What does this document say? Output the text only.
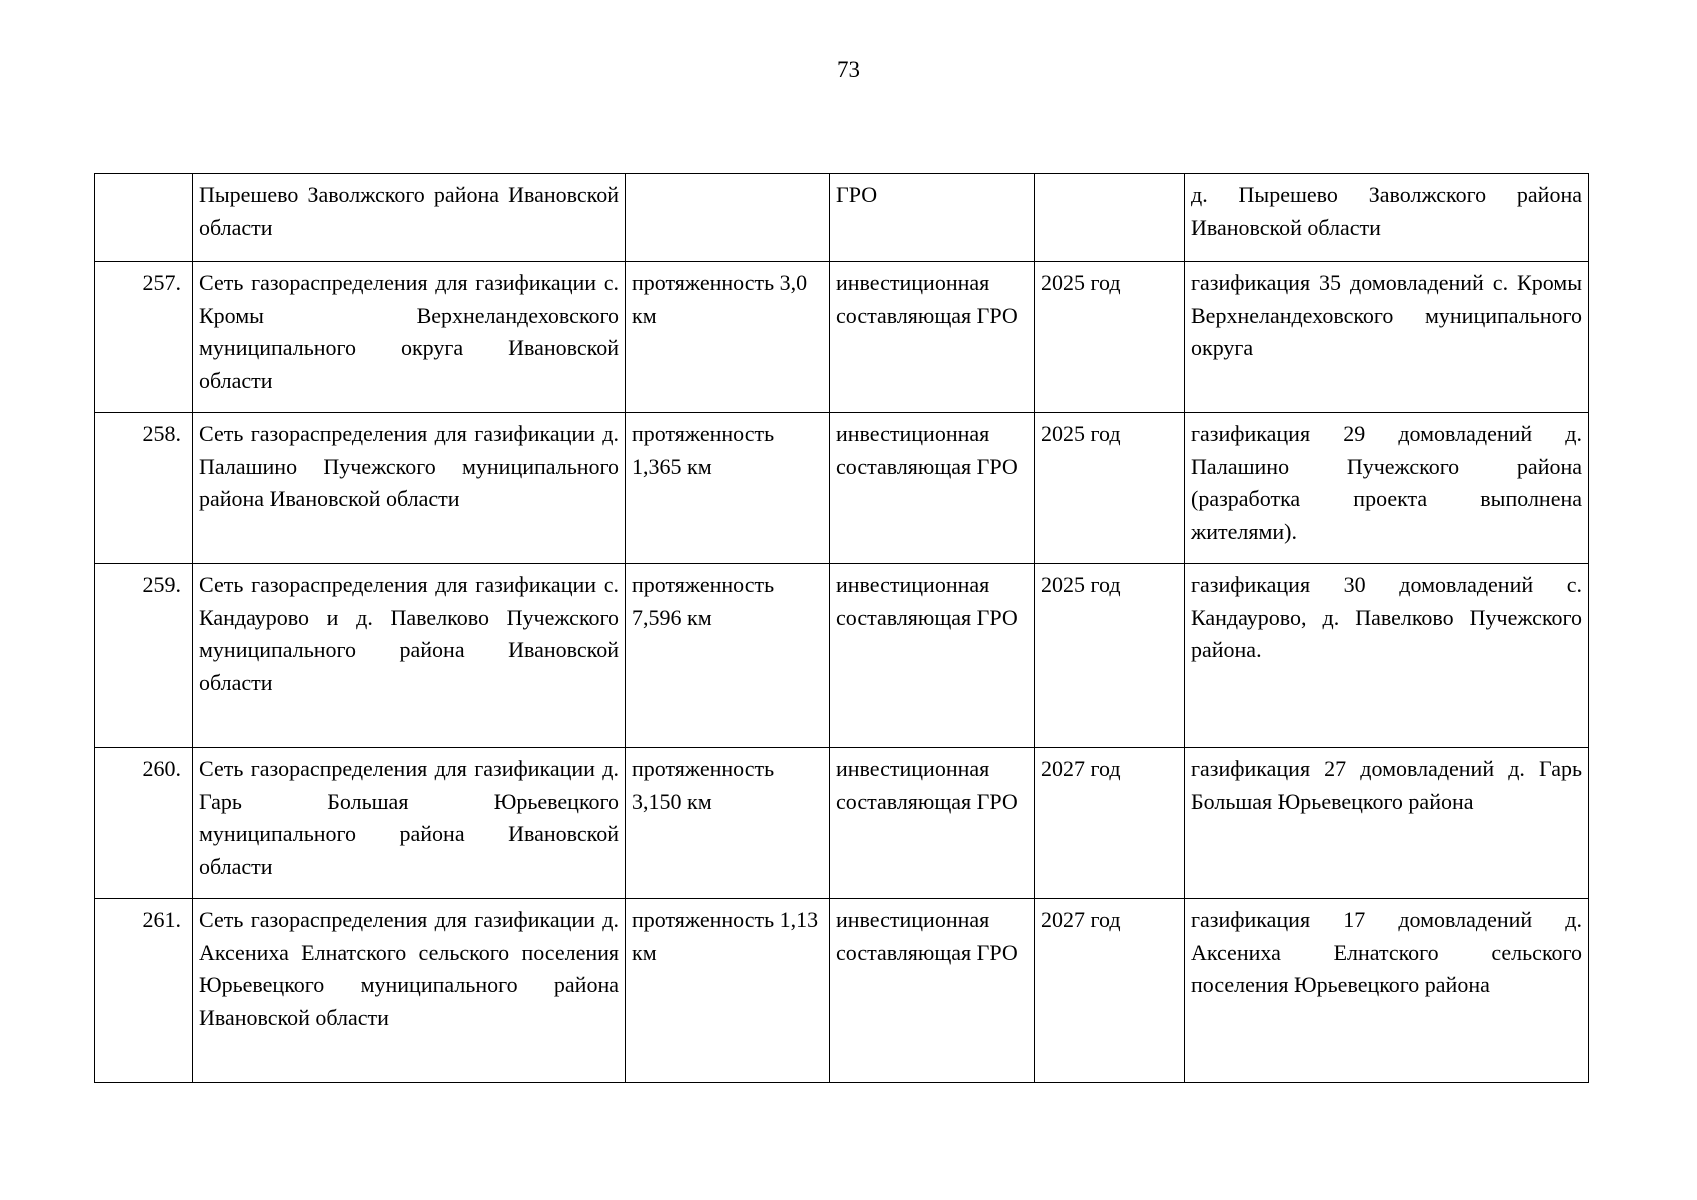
73
	Пырешево Заволжского района Ивановской области		ГРО		д. Пырешево Заволжского района Ивановской области
257.	Сеть газораспределения для газификации с. Кромы Верхнеландеховского муниципального округа Ивановской области	протяженность 3,0 км	инвестиционная составляющая ГРО	2025 год	газификация 35 домовладений с. Кромы Верхнеландеховского муниципального округа
258.	Сеть газораспределения для газификации д. Палашино Пучежского муниципального района Ивановской области	протяженность 1,365 км	инвестиционная составляющая ГРО	2025 год	газификация 29 домовладений д. Палашино Пучежского района (разработка проекта выполнена жителями).
259.	Сеть газораспределения для газификации с. Кандаурово и д. Павелково Пучежского муниципального района Ивановской области	протяженность 7,596 км	инвестиционная составляющая ГРО	2025 год	газификация 30 домовладений с. Кандаурово, д. Павелково Пучежского района.
260.	Сеть газораспределения для газификации д. Гарь Большая Юрьевецкого муниципального района Ивановской области	протяженность 3,150 км	инвестиционная составляющая ГРО	2027 год	газификация 27 домовладений д. Гарь Большая Юрьевецкого района
261.	Сеть газораспределения для газификации д. Аксениха Елнатского сельского поселения Юрьевецкого муниципального района Ивановской области	протяженность 1,13 км	инвестиционная составляющая ГРО	2027 год	газификация 17 домовладений д. Аксениха Елнатского сельского поселения Юрьевецкого района
